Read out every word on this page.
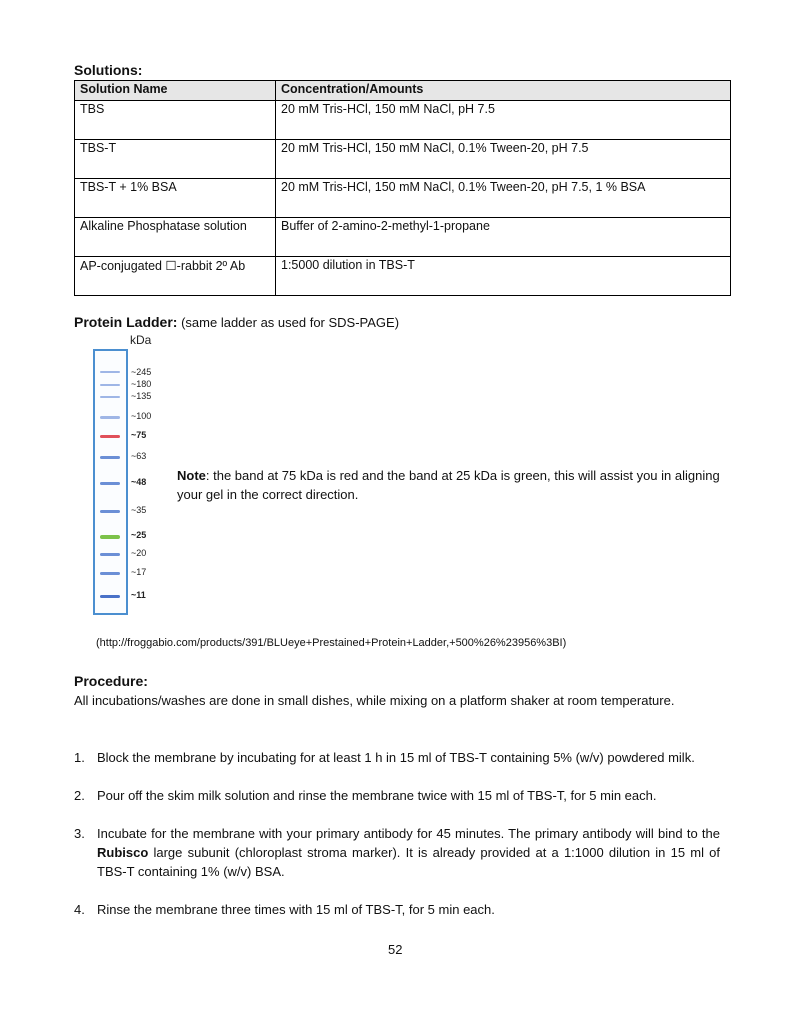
Solutions:
Solution Name	Concentration/Amounts
TBS	20 mM Tris-HCl, 150 mM NaCl, pH 7.5
TBS-T	20 mM Tris-HCl, 150 mM NaCl, 0.1% Tween-20, pH 7.5
TBS-T + 1% BSA	20 mM Tris-HCl, 150 mM NaCl, 0.1% Tween-20, pH 7.5, 1 % BSA
Alkaline Phosphatase solution	Buffer of 2-amino-2-methyl-1-propane
AP-conjugated ☐-rabbit 2º Ab	1:5000 dilution in TBS-T
Protein Ladder: (same ladder as used for SDS-PAGE)
kDa
~245
~180
~135
~100
~75
~63
~48
~35
~25
~20
~17
~11
Note: the band at 75 kDa is red and the band at 25 kDa is green, this will assist you in aligning your gel in the correct direction.
(http://froggabio.com/products/391/BLUeye+Prestained+Protein+Ladder,+500%26%23956%3BI)
Procedure:
All incubations/washes are done in small dishes, while mixing on a platform shaker at room temperature.
1. Block the membrane by incubating for at least 1 h in 15 ml of TBS-T containing 5% (w/v) powdered milk.
2. Pour off the skim milk solution and rinse the membrane twice with 15 ml of TBS-T, for 5 min each.
3. Incubate for the membrane with your primary antibody for 45 minutes. The primary antibody will bind to the Rubisco large subunit (chloroplast stroma marker). It is already provided at a 1:1000 dilution in 15 ml of TBS-T containing 1% (w/v) BSA.
4. Rinse the membrane three times with 15 ml of TBS-T, for 5 min each.
52
